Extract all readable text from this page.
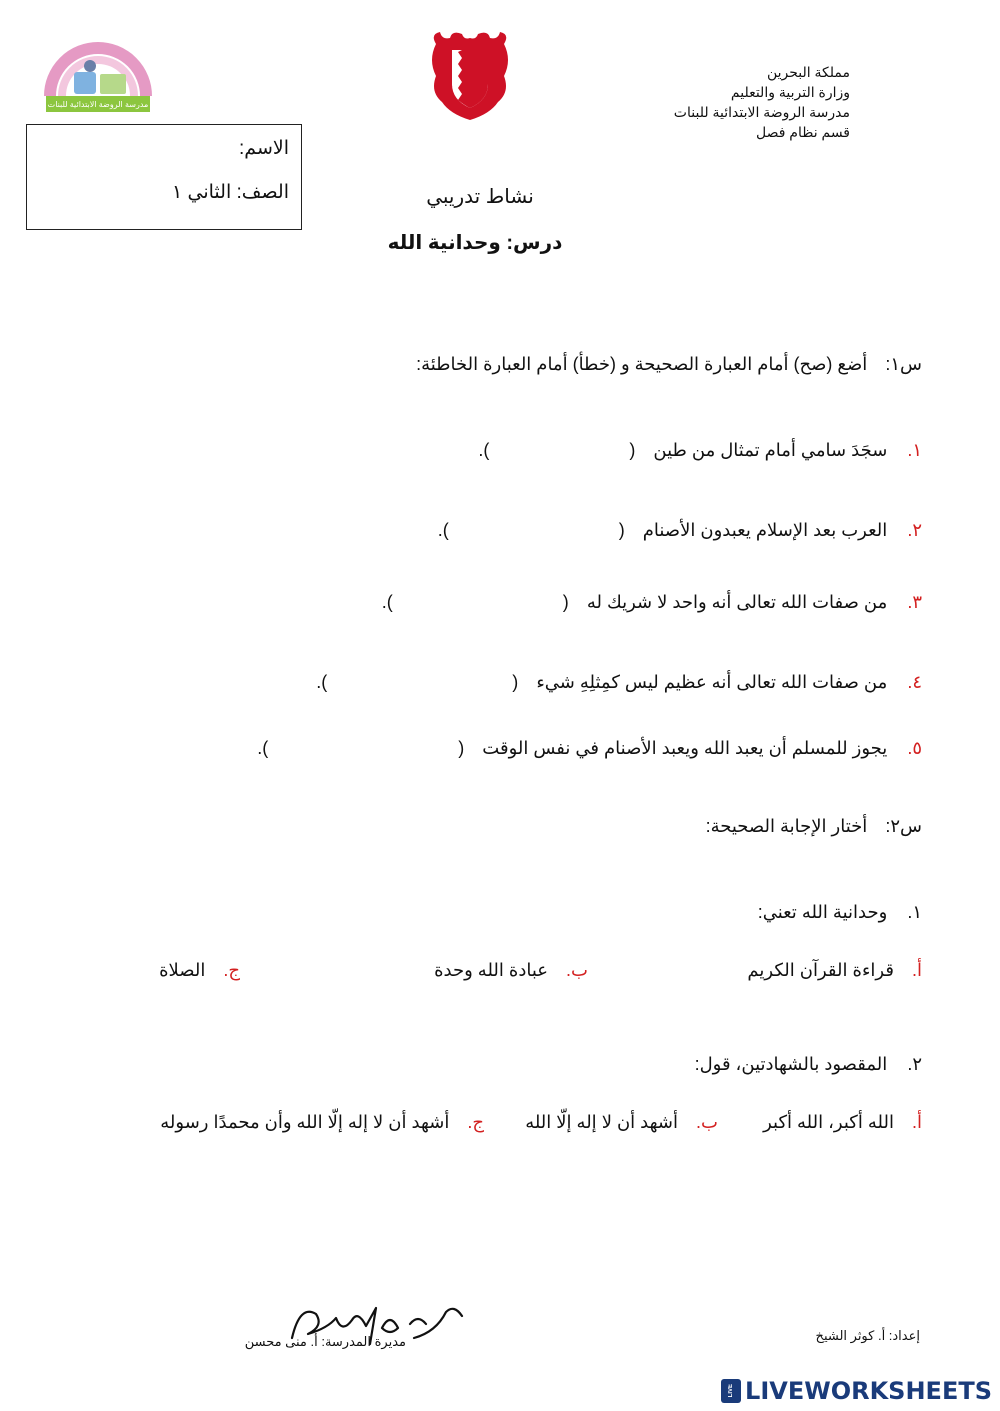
مملكة البحرين
وزارة التربية والتعليم
مدرسة الروضة الابتدائية للبنات
قسم نظام فصل
مدرسة الروضة الابتدائية للبنات
الاسم:
الصف: الثاني ١	نشاط تدريبي
درس: وحدانية الله
س١:  أضع (صح) أمام العبارة الصحيحة و (خطأ) أمام العبارة الخاطئة:
١.  سجَدَ سامي أمام تمثال من طين  (  ).
٢.  العرب بعد الإسلام يعبدون الأصنام  (  ).
٣.  من صفات الله تعالى أنه واحد لا شريك له  (  ).
٤.  من صفات الله تعالى أنه عظيم ليس كمِثلِهِ شيء  (  ).
٥.  يجوز للمسلم أن يعبد الله ويعبد الأصنام في نفس الوقت  (  ).
س٢:  أختار الإجابة الصحيحة:
١.  وحدانية الله تعني:
أ.  قراءة القرآن الكريم
ب.  عبادة الله وحدة
ج.  الصلاة
٢.  المقصود بالشهادتين، قول:
أ.  الله أكبر، الله أكبر
ب.  أشهد أن لا إله إلّا الله
ج.  أشهد أن لا إله إلّا الله وأن محمدًا رسوله
إعداد: أ. كوثر الشيخ
مديرة المدرسة: أ. منى محسن
LIVE LIVEWORKSHEETS
